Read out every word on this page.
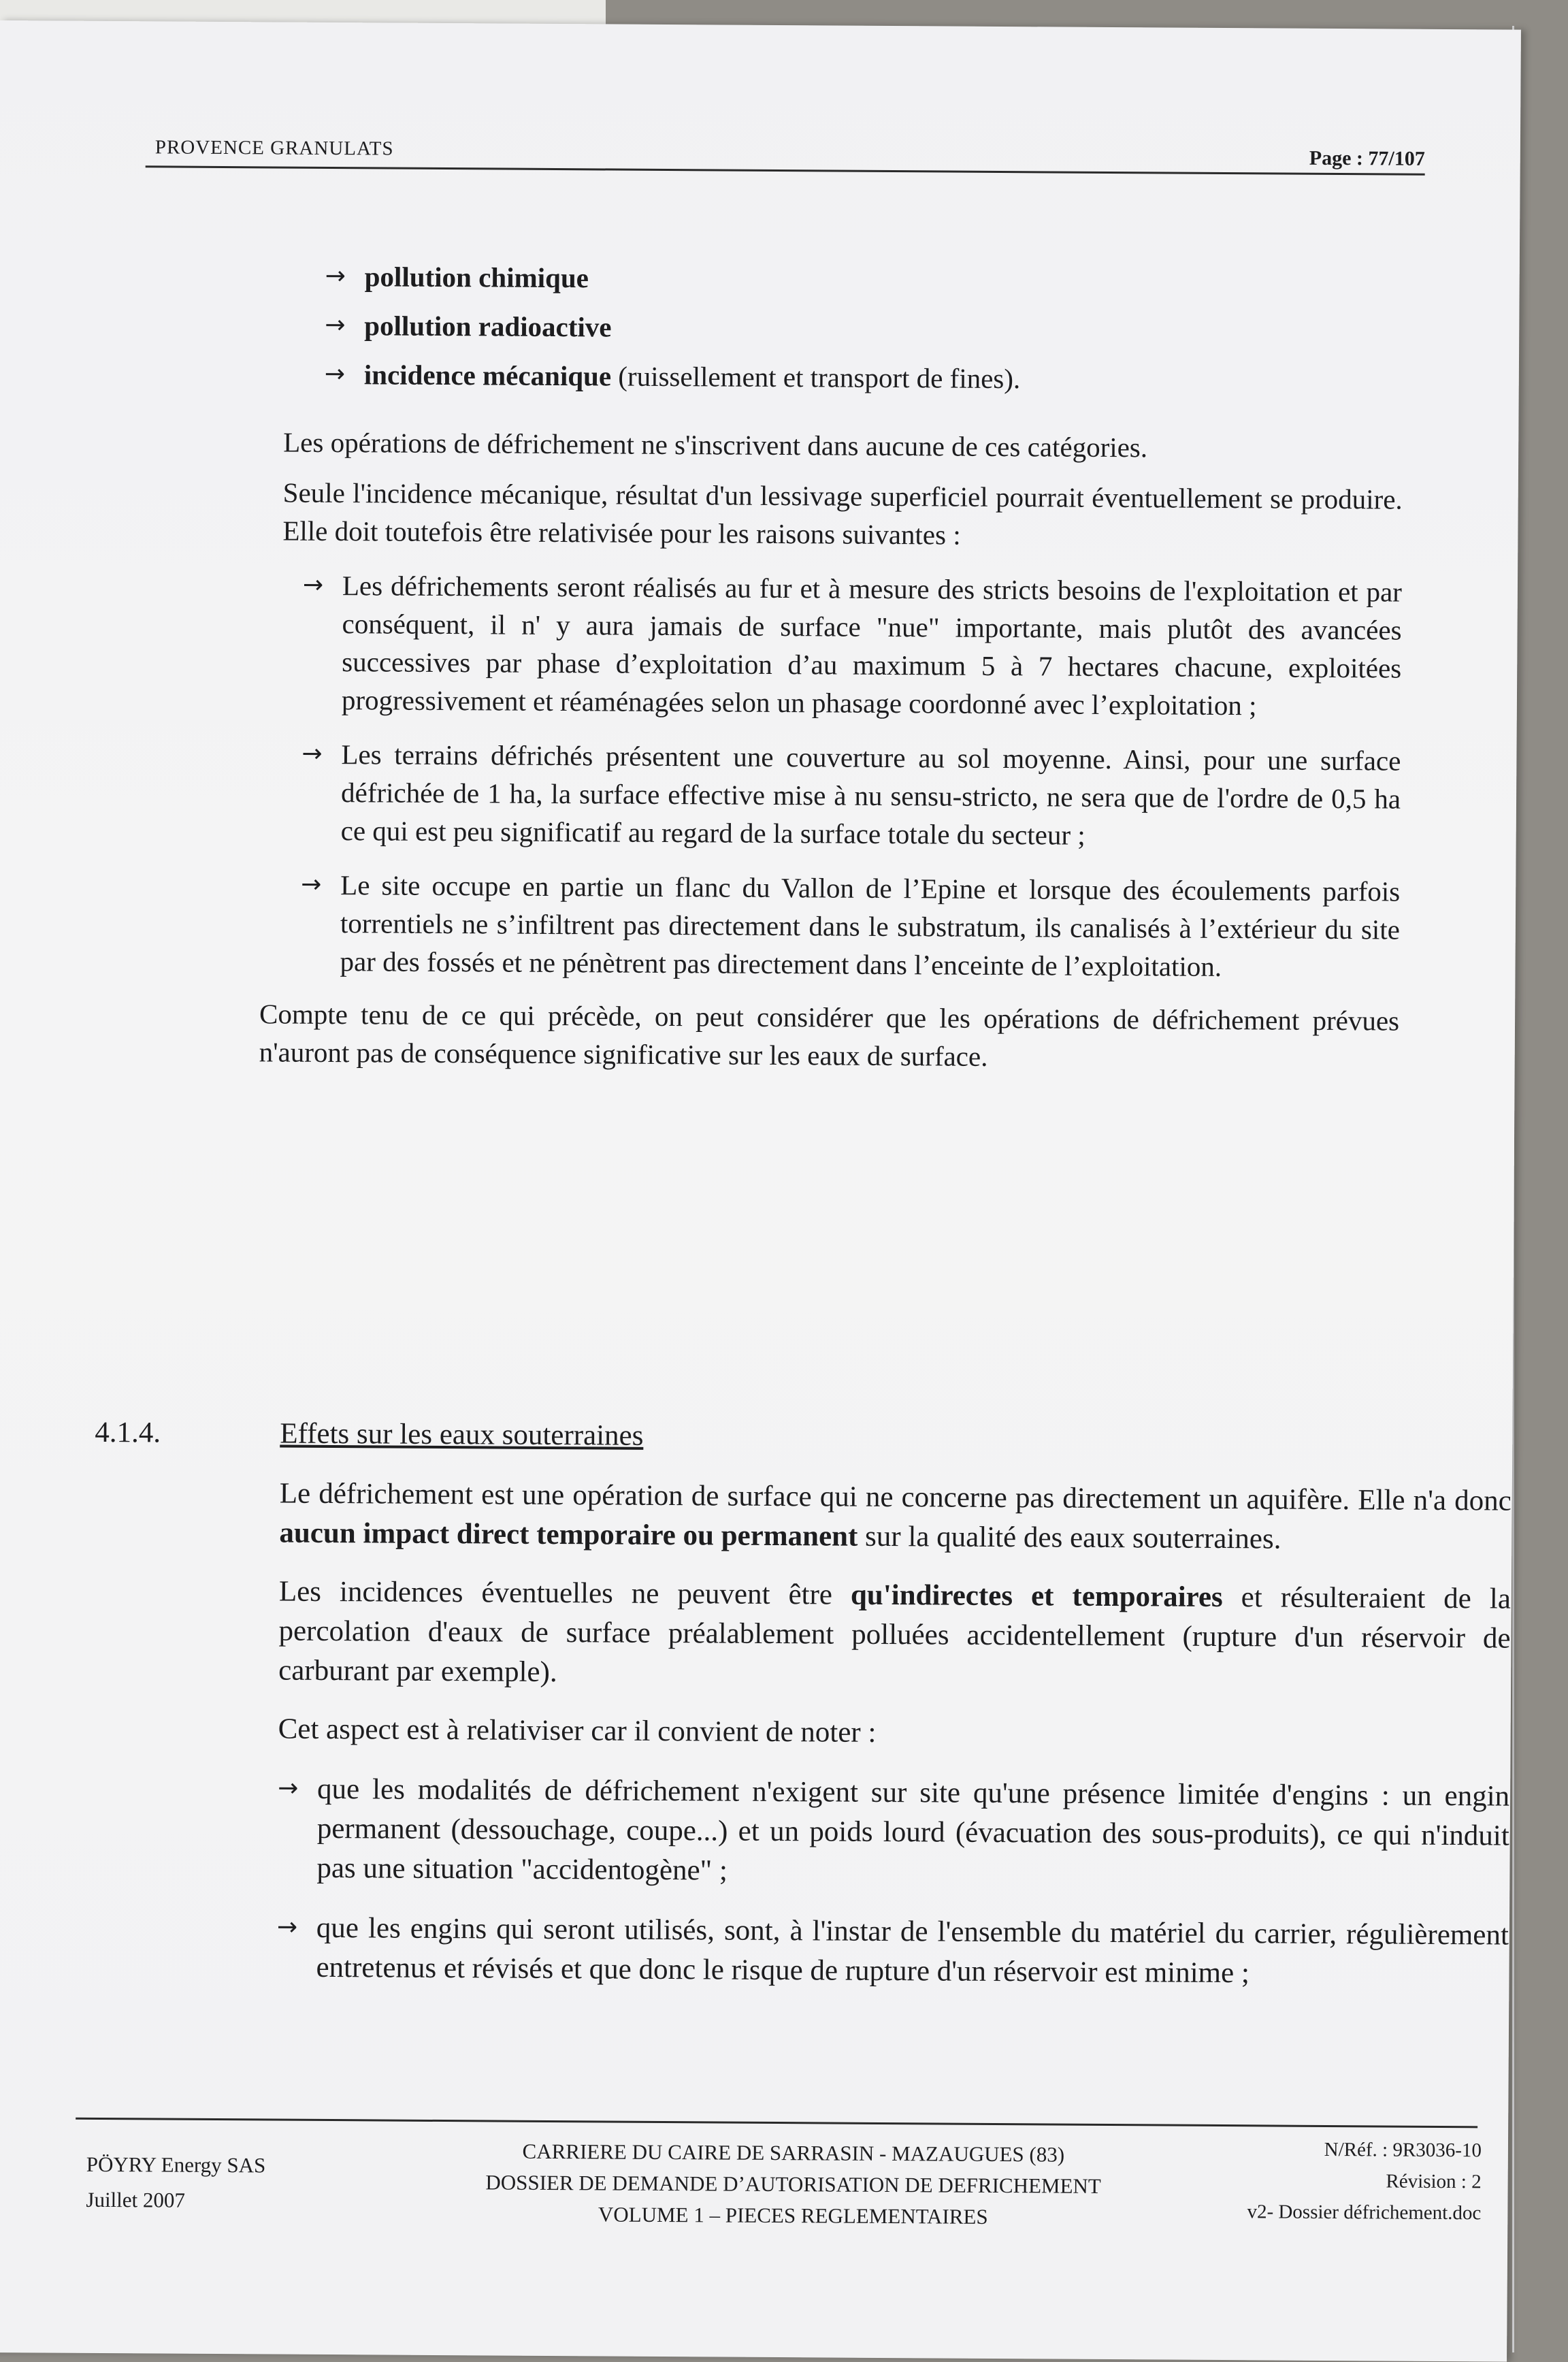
PROVENCE GRANULATS	Page : 77/107
→ pollution chimique
→ pollution radioactive
→ incidence mécanique (ruissellement et transport de fines).

Les opérations de défrichement ne s'inscrivent dans aucune de ces catégories.

Seule l'incidence mécanique, résultat d'un lessivage superficiel pourrait éventuellement se produire. Elle doit toutefois être relativisée pour les raisons suivantes :

→ Les défrichements seront réalisés au fur et à mesure des stricts besoins de l'exploitation et par conséquent, il n' y aura jamais de surface "nue" importante, mais plutôt des avancées successives par phase d’exploitation d’au maximum 5 à 7 hectares chacune, exploitées progressivement et réaménagées selon un phasage coordonné avec l’exploitation ;
→ Les terrains défrichés présentent une couverture au sol moyenne. Ainsi, pour une surface défrichée de 1 ha, la surface effective mise à nu sensu-stricto, ne sera que de l'ordre de 0,5 ha ce qui est peu significatif au regard de la surface totale du secteur ;
→ Le site occupe en partie un flanc du Vallon de l’Epine et lorsque des écoulements parfois torrentiels ne s’infiltrent pas directement dans le substratum, ils canalisés à l’extérieur du site par des fossés et ne pénètrent pas directement dans l’enceinte de l’exploitation.

Compte tenu de ce qui précède, on peut considérer que les opérations de défrichement prévues n'auront pas de conséquence significative sur les eaux de surface.

4.1.4.	Effets sur les eaux souterraines

Le défrichement est une opération de surface qui ne concerne pas directement un aquifère. Elle n'a donc aucun impact direct temporaire ou permanent sur la qualité des eaux souterraines.

Les incidences éventuelles ne peuvent être qu'indirectes et temporaires et résulteraient de la percolation d'eaux de surface préalablement polluées accidentellement (rupture d'un réservoir de carburant par exemple).

Cet aspect est à relativiser car il convient de noter :

→ que les modalités de défrichement n'exigent sur site qu'une présence limitée d'engins : un engin permanent (dessouchage, coupe...) et un poids lourd (évacuation des sous-produits), ce qui n'induit pas une situation "accidentogène" ;
→ que les engins qui seront utilisés, sont, à l'instar de l'ensemble du matériel du carrier, régulièrement entretenus et révisés et que donc le risque de rupture d'un réservoir est minime ;
PÖYRY Energy SAS
Juillet 2007
CARRIERE DU CAIRE DE SARRASIN - MAZAUGUES (83)
DOSSIER DE DEMANDE D’AUTORISATION DE DEFRICHEMENT
VOLUME 1 – PIECES REGLEMENTAIRES
N/Réf. : 9R3036-10
Révision : 2
v2- Dossier défrichement.doc
